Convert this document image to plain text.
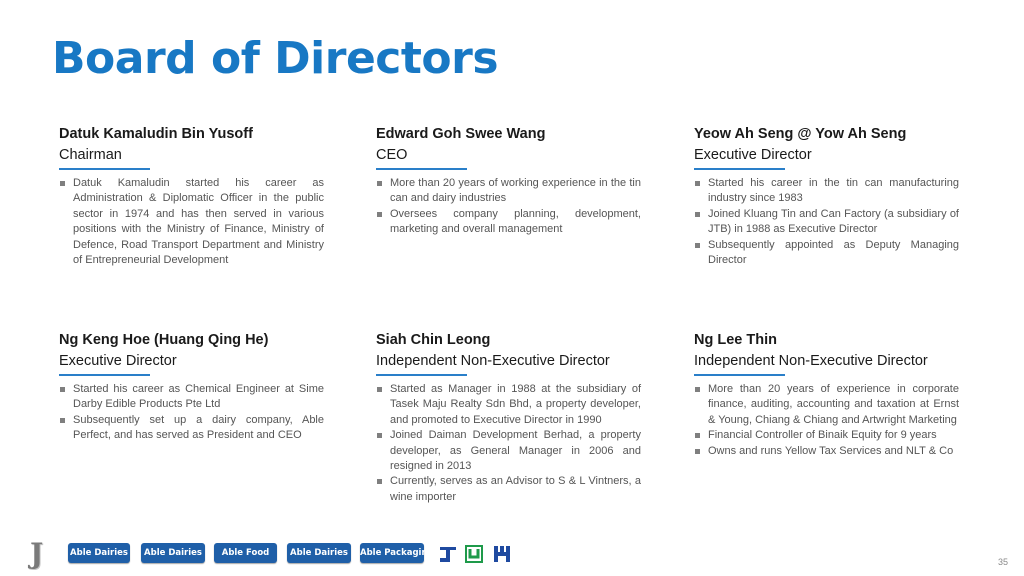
Board of Directors
Datuk Kamaludin Bin Yusoff
Chairman
Datuk Kamaludin started his career as Administration & Diplomatic Officer in the public sector in 1974 and has then served in various positions with the Ministry of Finance, Ministry of Defence, Road Transport Department and Ministry of Entrepreneurial Development
Edward Goh Swee Wang
CEO
More than 20 years of working experience in the tin can and dairy industries
Oversees company planning, development, marketing and overall management
Yeow Ah Seng @ Yow Ah Seng
Executive Director
Started his career in the tin can manufacturing industry since 1983
Joined Kluang Tin and Can Factory (a subsidiary of JTB) in 1988 as Executive Director
Subsequently appointed as Deputy Managing Director
Ng Keng Hoe (Huang Qing He)
Executive Director
Started his career as Chemical Engineer at Sime Darby Edible Products Pte Ltd
Subsequently set up a dairy company, Able Perfect, and has served as President and CEO
Siah Chin Leong
Independent Non-Executive Director
Started as Manager in 1988 at the subsidiary of Tasek Maju Realty Sdn Bhd, a property developer, and promoted to Executive Director in 1990
Joined Daiman Development Berhad, a property developer, as General Manager in 2006 and resigned in 2013
Currently, serves as an Advisor to S & L Vintners, a wine importer
Ng Lee Thin
Independent Non-Executive Director
More than 20 years of experience in corporate finance, auditing, accounting and taxation at Ernst & Young, Chiang & Chiang and Artwright Marketing
Financial Controller of Binaik Equity for 9 years
Owns and runs Yellow Tax Services and NLT & Co
J	Able Dairies	Able Dairies	Able Food	Able Dairies	Able Packaging
35
